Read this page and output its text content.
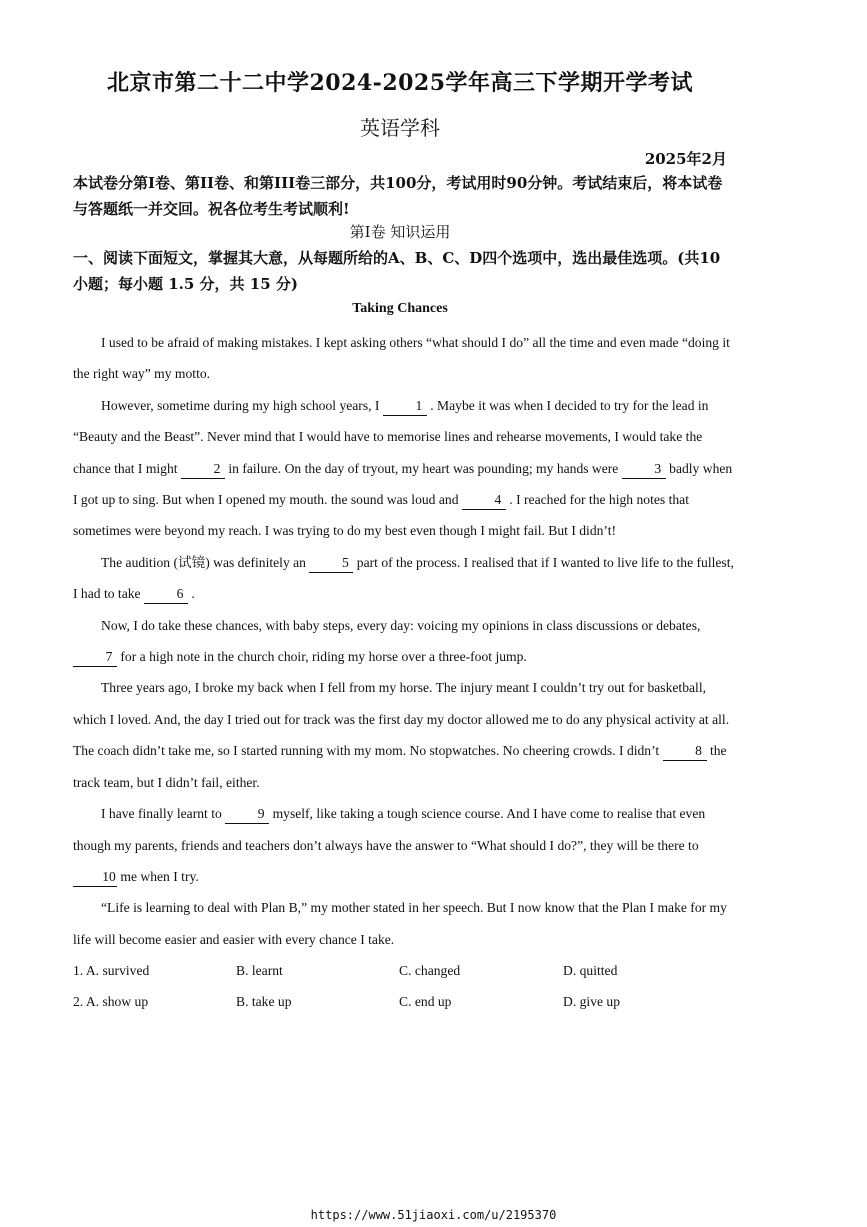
北京市第二十二中学2024-2025学年高三下学期开学考试
英语学科
2025年2月
本试卷分第I卷、第II卷、和第III卷三部分，共100分，考试用时90分钟。考试结束后，将本试卷与答题纸一并交回。祝各位考生考试顺利!
第I卷 知识运用
一、阅读下面短文，掌握其大意，从每题所给的A、B、C、D四个选项中，选出最佳选项。(共10小题；每小题 1.5 分，共 15 分)
Taking Chances

I used to be afraid of making mistakes. I kept asking others “what should I do” all the time and even made “doing it the right way” my motto.

However, sometime during my high school years, I 1 . Maybe it was when I decided to try for the lead in “Beauty and the Beast”. Never mind that I would have to memorise lines and rehearse movements, I would take the chance that I might 2 in failure. On the day of tryout, my heart was pounding; my hands were 3 badly when I got up to sing. But when I opened my mouth. the sound was loud and 4 . I reached for the high notes that sometimes were beyond my reach. I was trying to do my best even though I might fail. But I didn’t!

The audition (试镜) was definitely an 5 part of the process. I realised that if I wanted to live life to the fullest, I had to take 6 .

Now, I do take these chances, with baby steps, every day: voicing my opinions in class discussions or debates, 7 for a high note in the church choir, riding my horse over a three-foot jump.

Three years ago, I broke my back when I fell from my horse. The injury meant I couldn’t try out for basketball, which I loved. And, the day I tried out for track was the first day my doctor allowed me to do any physical activity at all. The coach didn’t take me, so I started running with my mom. No stopwatches. No cheering crowds. I didn’t 8 the track team, but I didn’t fail, either.

I have finally learnt to 9 myself, like taking a tough science course. And I have come to realise that even though my parents, friends and teachers don’t always have the answer to “What should I do?”, they will be there to 10 me when I try.

“Life is learning to deal with Plan B,” my mother stated in her speech. But I now know that the Plan I make for my life will become easier and easier with every chance I take.

1. A. survived	B. learnt	C. changed	D. quitted
2. A. show up	B. take up	C. end up	D. give up
https://www.51jiaoxi.com/u/2195370
